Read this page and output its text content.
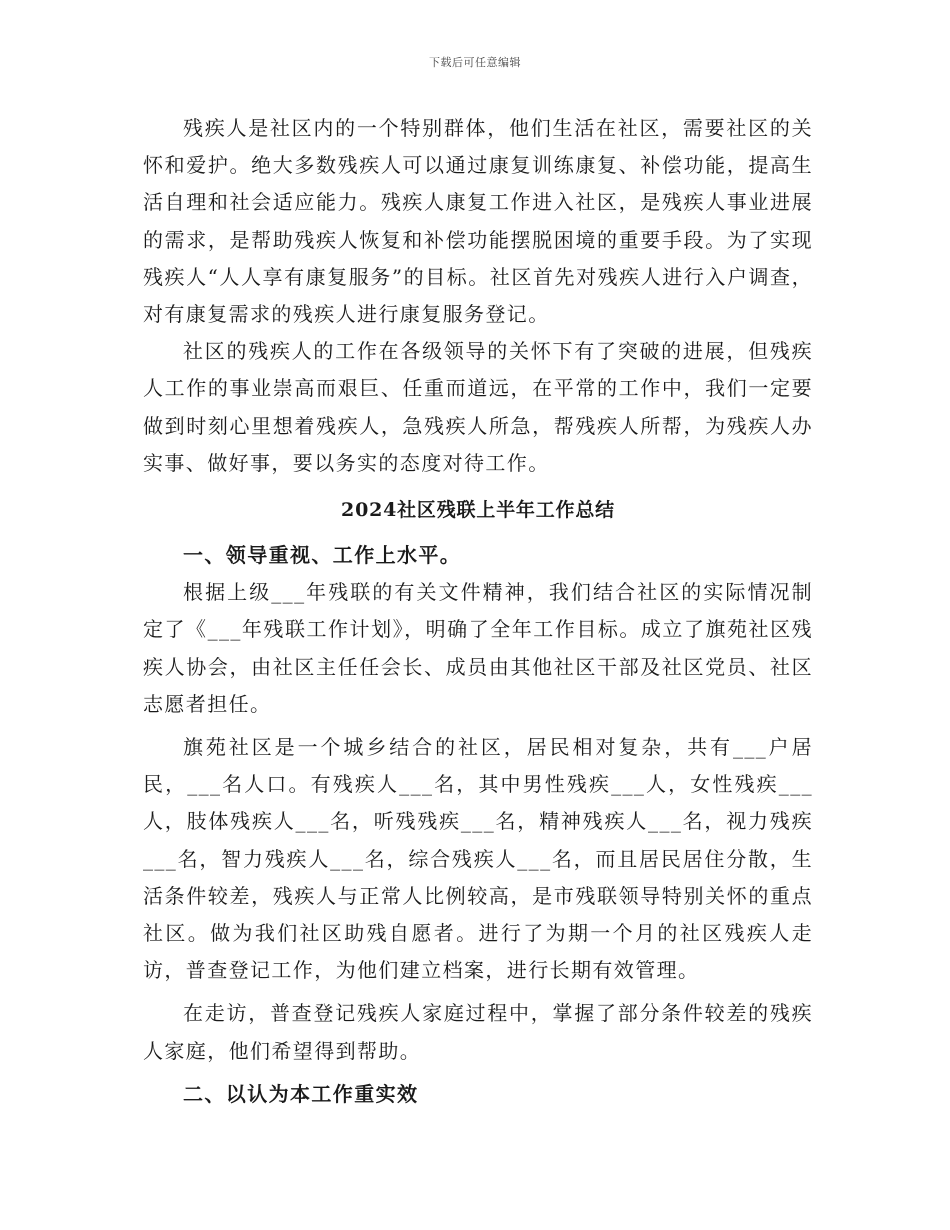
下载后可任意编辑

残疾人是社区内的一个特别群体，他们生活在社区，需要社区的关怀和爱护。绝大多数残疾人可以通过康复训练康复、补偿功能，提高生活自理和社会适应能力。残疾人康复工作进入社区，是残疾人事业进展的需求，是帮助残疾人恢复和补偿功能摆脱困境的重要手段。为了实现残疾人“人人享有康复服务”的目标。社区首先对残疾人进行入户调查，对有康复需求的残疾人进行康复服务登记。

社区的残疾人的工作在各级领导的关怀下有了突破的进展，但残疾人工作的事业崇高而艰巨、任重而道远，在平常的工作中，我们一定要做到时刻心里想着残疾人，急残疾人所急，帮残疾人所帮，为残疾人办实事、做好事，要以务实的态度对待工作。

2024社区残联上半年工作总结
一、领导重视、工作上水平。

根据上级___年残联的有关文件精神，我们结合社区的实际情况制定了《___年残联工作计划》，明确了全年工作目标。成立了旗苑社区残疾人协会，由社区主任任会长、成员由其他社区干部及社区党员、社区志愿者担任。

旗苑社区是一个城乡结合的社区，居民相对复杂，共有___户居民，___名人口。有残疾人___名，其中男性残疾___人，女性残疾___人，肢体残疾人___名，听残残疾___名，精神残疾人___名，视力残疾___名，智力残疾人___名，综合残疾人___名，而且居民居住分散，生活条件较差，残疾人与正常人比例较高，是市残联领导特别关怀的重点社区。做为我们社区助残自愿者。进行了为期一个月的社区残疾人走访，普查登记工作，为他们建立档案，进行长期有效管理。

在走访，普查登记残疾人家庭过程中，掌握了部分条件较差的残疾人家庭，他们希望得到帮助。

二、以认为本工作重实效
